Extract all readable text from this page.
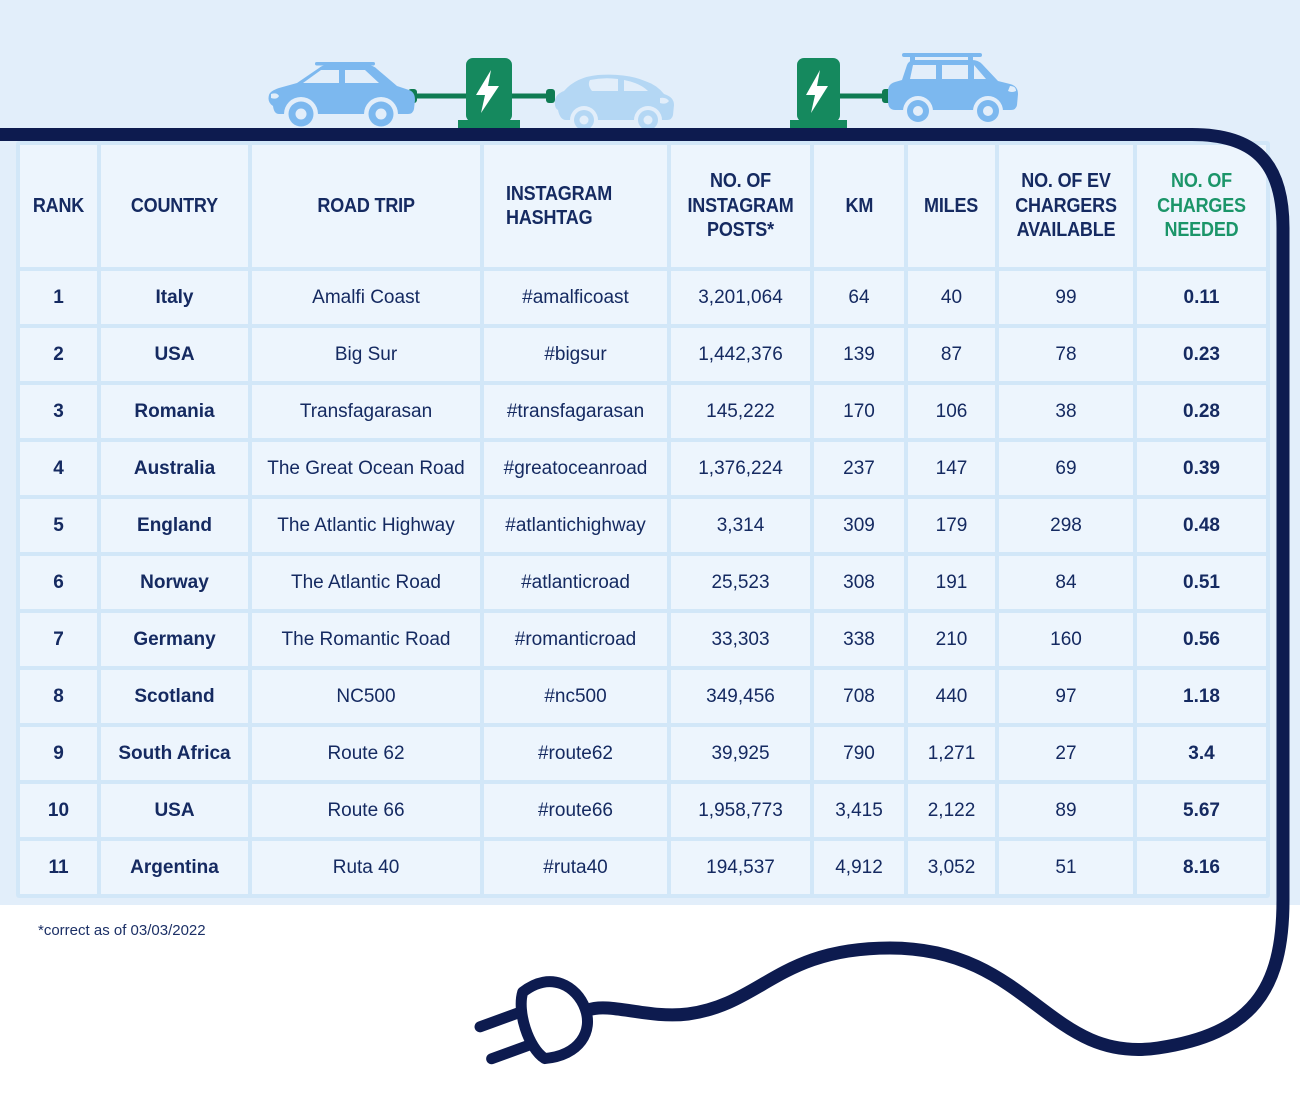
RANK	COUNTRY	ROAD TRIP	INSTAGRAM HASHTAG	NO. OF INSTAGRAM POSTS*	KM	MILES	NO. OF EV CHARGERS AVAILABLE	NO. OF CHARGES NEEDED
1	Italy	Amalfi Coast	#amalficoast	3,201,064	64	40	99	0.11
2	USA	Big Sur	#bigsur	1,442,376	139	87	78	0.23
3	Romania	Transfagarasan	#transfagarasan	145,222	170	106	38	0.28
4	Australia	The Great Ocean Road	#greatoceanroad	1,376,224	237	147	69	0.39
5	England	The Atlantic Highway	#atlantichighway	3,314	309	179	298	0.48
6	Norway	The Atlantic Road	#atlanticroad	25,523	308	191	84	0.51
7	Germany	The Romantic Road	#romanticroad	33,303	338	210	160	0.56
8	Scotland	NC500	#nc500	349,456	708	440	97	1.18
9	South Africa	Route 62	#route62	39,925	790	1,271	27	3.4
10	USA	Route 66	#route66	1,958,773	3,415	2,122	89	5.67
11	Argentina	Ruta 40	#ruta40	194,537	4,912	3,052	51	8.16
*correct as of 03/03/2022
